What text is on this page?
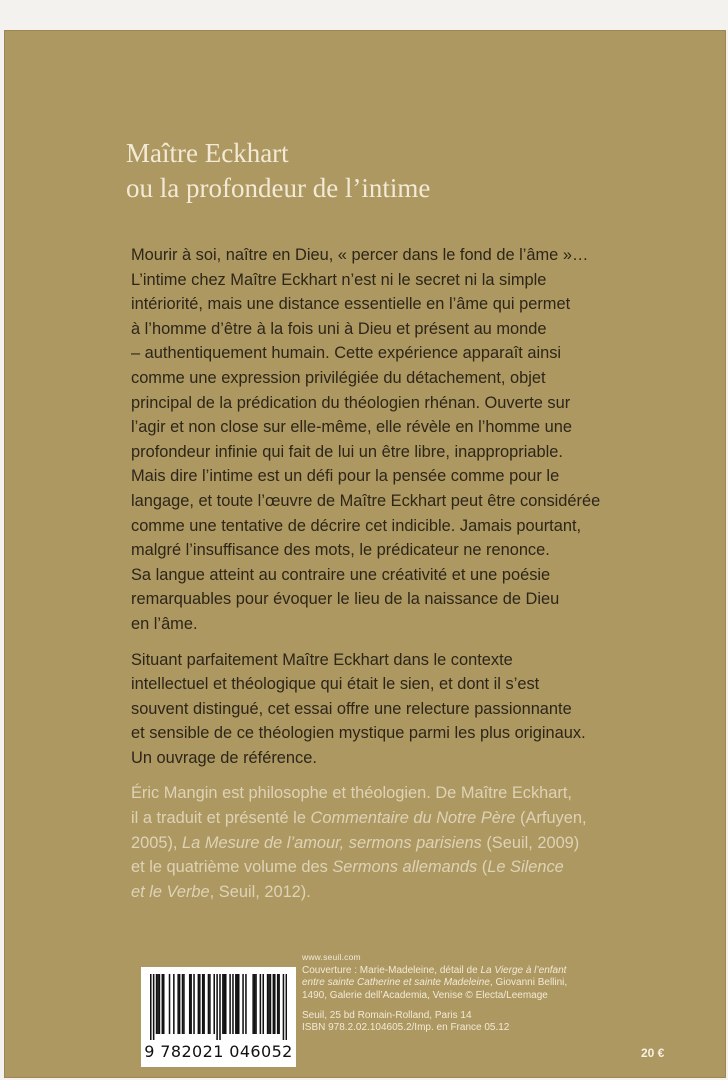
Maître Eckhart
ou la profondeur de l’intime

Mourir à soi, naître en Dieu, « percer dans le fond de l’âme »…
L’intime chez Maître Eckhart n’est ni le secret ni la simple
intériorité, mais une distance essentielle en l’âme qui permet
à l’homme d’être à la fois uni à Dieu et présent au monde
– authentiquement humain. Cette expérience apparaît ainsi
comme une expression privilégiée du détachement, objet
principal de la prédication du théologien rhénan. Ouverte sur
l’agir et non close sur elle-même, elle révèle en l’homme une
profondeur infinie qui fait de lui un être libre, inappropriable.
Mais dire l’intime est un défi pour la pensée comme pour le
langage, et toute l’œuvre de Maître Eckhart peut être considérée
comme une tentative de décrire cet indicible. Jamais pourtant,
malgré l’insuffisance des mots, le prédicateur ne renonce.
Sa langue atteint au contraire une créativité et une poésie
remarquables pour évoquer le lieu de la naissance de Dieu
en l’âme.

Situant parfaitement Maître Eckhart dans le contexte
intellectuel et théologique qui était le sien, et dont il s’est
souvent distingué, cet essai offre une relecture passionnante
et sensible de ce théologien mystique parmi les plus originaux.
Un ouvrage de référence.

Éric Mangin est philosophe et théologien. De Maître Eckhart,
il a traduit et présenté le Commentaire du Notre Père (Arfuyen,
2005), La Mesure de l’amour, sermons parisiens (Seuil, 2009)
et le quatrième volume des Sermons allemands (Le Silence
et le Verbe, Seuil, 2012).

www.seuil.com
Couverture : Marie-Madeleine, détail de La Vierge à l’enfant
entre sainte Catherine et sainte Madeleine, Giovanni Bellini,
1490, Galerie dell’Academia, Venise © Electa/Leemage
Seuil, 25 bd Romain-Rolland, Paris 14
ISBN 978.2.02.104605.2/Imp. en France 05.12
20 €
9 782021 046052
